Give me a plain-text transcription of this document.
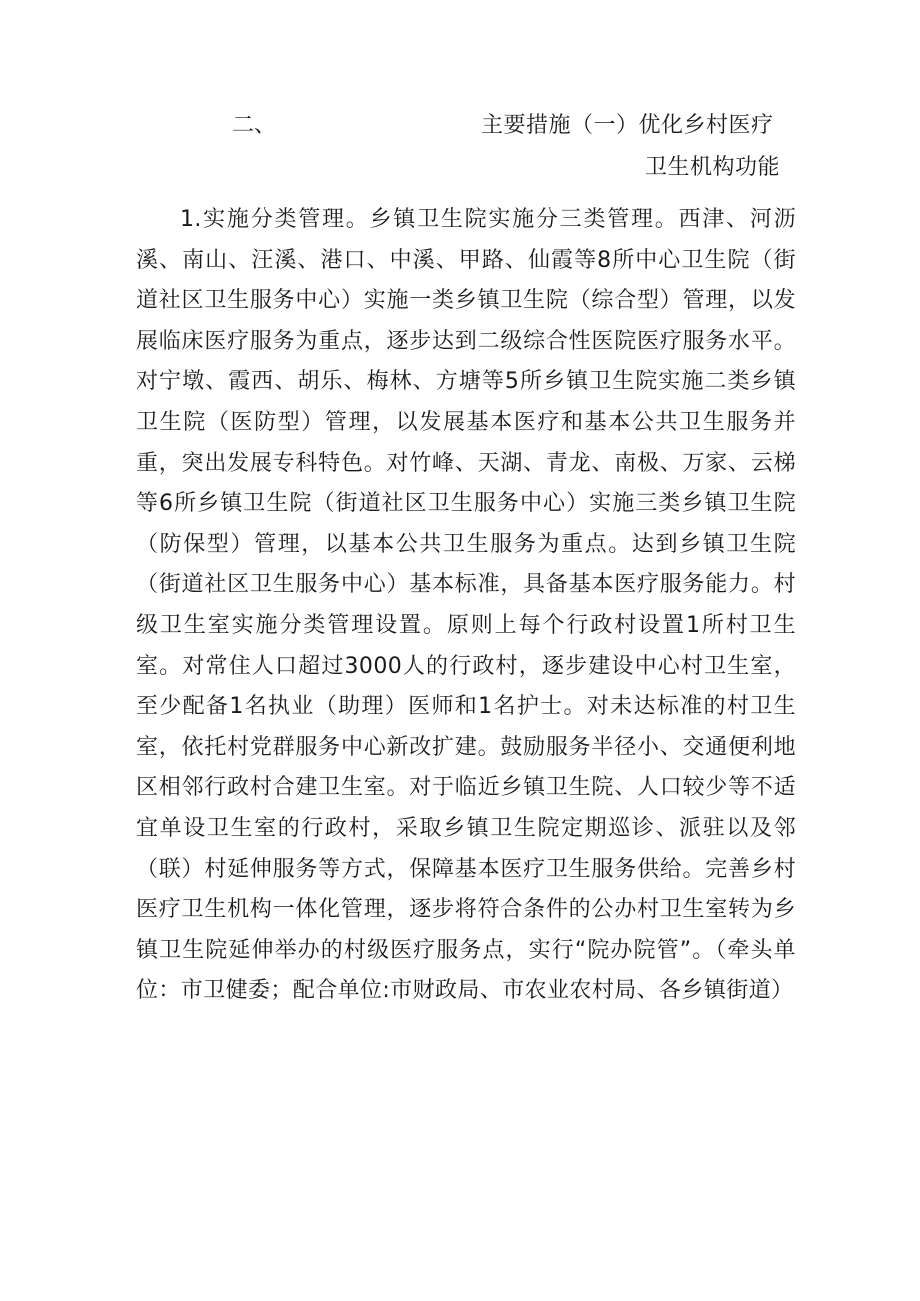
二、	主要措施（一）优化乡村医疗
卫生机构功能

1.实施分类管理。乡镇卫生院实施分三类管理。西津、河沥溪、南山、汪溪、港口、中溪、甲路、仙霞等8所中心卫生院（街道社区卫生服务中心）实施一类乡镇卫生院（综合型）管理，以发展临床医疗服务为重点，逐步达到二级综合性医院医疗服务水平。对宁墩、霞西、胡乐、梅林、方塘等5所乡镇卫生院实施二类乡镇卫生院（医防型）管理，以发展基本医疗和基本公共卫生服务并重，突出发展专科特色。对竹峰、天湖、青龙、南极、万家、云梯等6所乡镇卫生院（街道社区卫生服务中心）实施三类乡镇卫生院（防保型）管理，以基本公共卫生服务为重点。达到乡镇卫生院（街道社区卫生服务中心）基本标准，具备基本医疗服务能力。村级卫生室实施分类管理设置。原则上每个行政村设置1所村卫生室。对常住人口超过3000人的行政村，逐步建设中心村卫生室，至少配备1名执业（助理）医师和1名护士。对未达标准的村卫生室，依托村党群服务中心新改扩建。鼓励服务半径小、交通便利地区相邻行政村合建卫生室。对于临近乡镇卫生院、人口较少等不适宜单设卫生室的行政村，采取乡镇卫生院定期巡诊、派驻以及邻（联）村延伸服务等方式，保障基本医疗卫生服务供给。完善乡村医疗卫生机构一体化管理，逐步将符合条件的公办村卫生室转为乡镇卫生院延伸举办的村级医疗服务点，实行“院办院管”。（牵头单位：市卫健委；配合单位:市财政局、市农业农村局、各乡镇街道）
